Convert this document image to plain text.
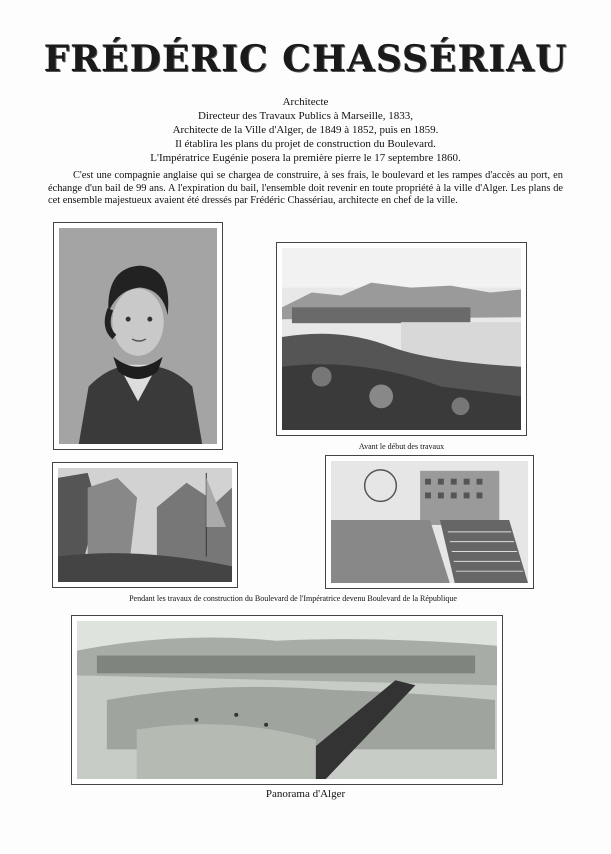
FRÉDÉRIC CHASSÉRIAU
Architecte
Directeur des Travaux Publics à Marseille, 1833,
Architecte de la Ville d'Alger, de 1849 à 1852, puis en 1859.
Il établira les plans du projet de construction du Boulevard.
L'Impératrice Eugénie posera la première pierre le 17 septembre 1860.
C'est une compagnie anglaise qui se chargea de construire, à ses frais, le boulevard et les rampes d'accès au port, en échange d'un bail de 99 ans. A l'expiration du bail, l'ensemble doit revenir en toute propriété à la ville d'Alger. Les plans de cet ensemble majestueux avaient été dressés par Frédéric Chassériau, architecte en chef de la ville.
Avant le début des travaux
Pendant les travaux de construction du Boulevard de l'Impératrice devenu Boulevard de la République
Panorama d'Alger
